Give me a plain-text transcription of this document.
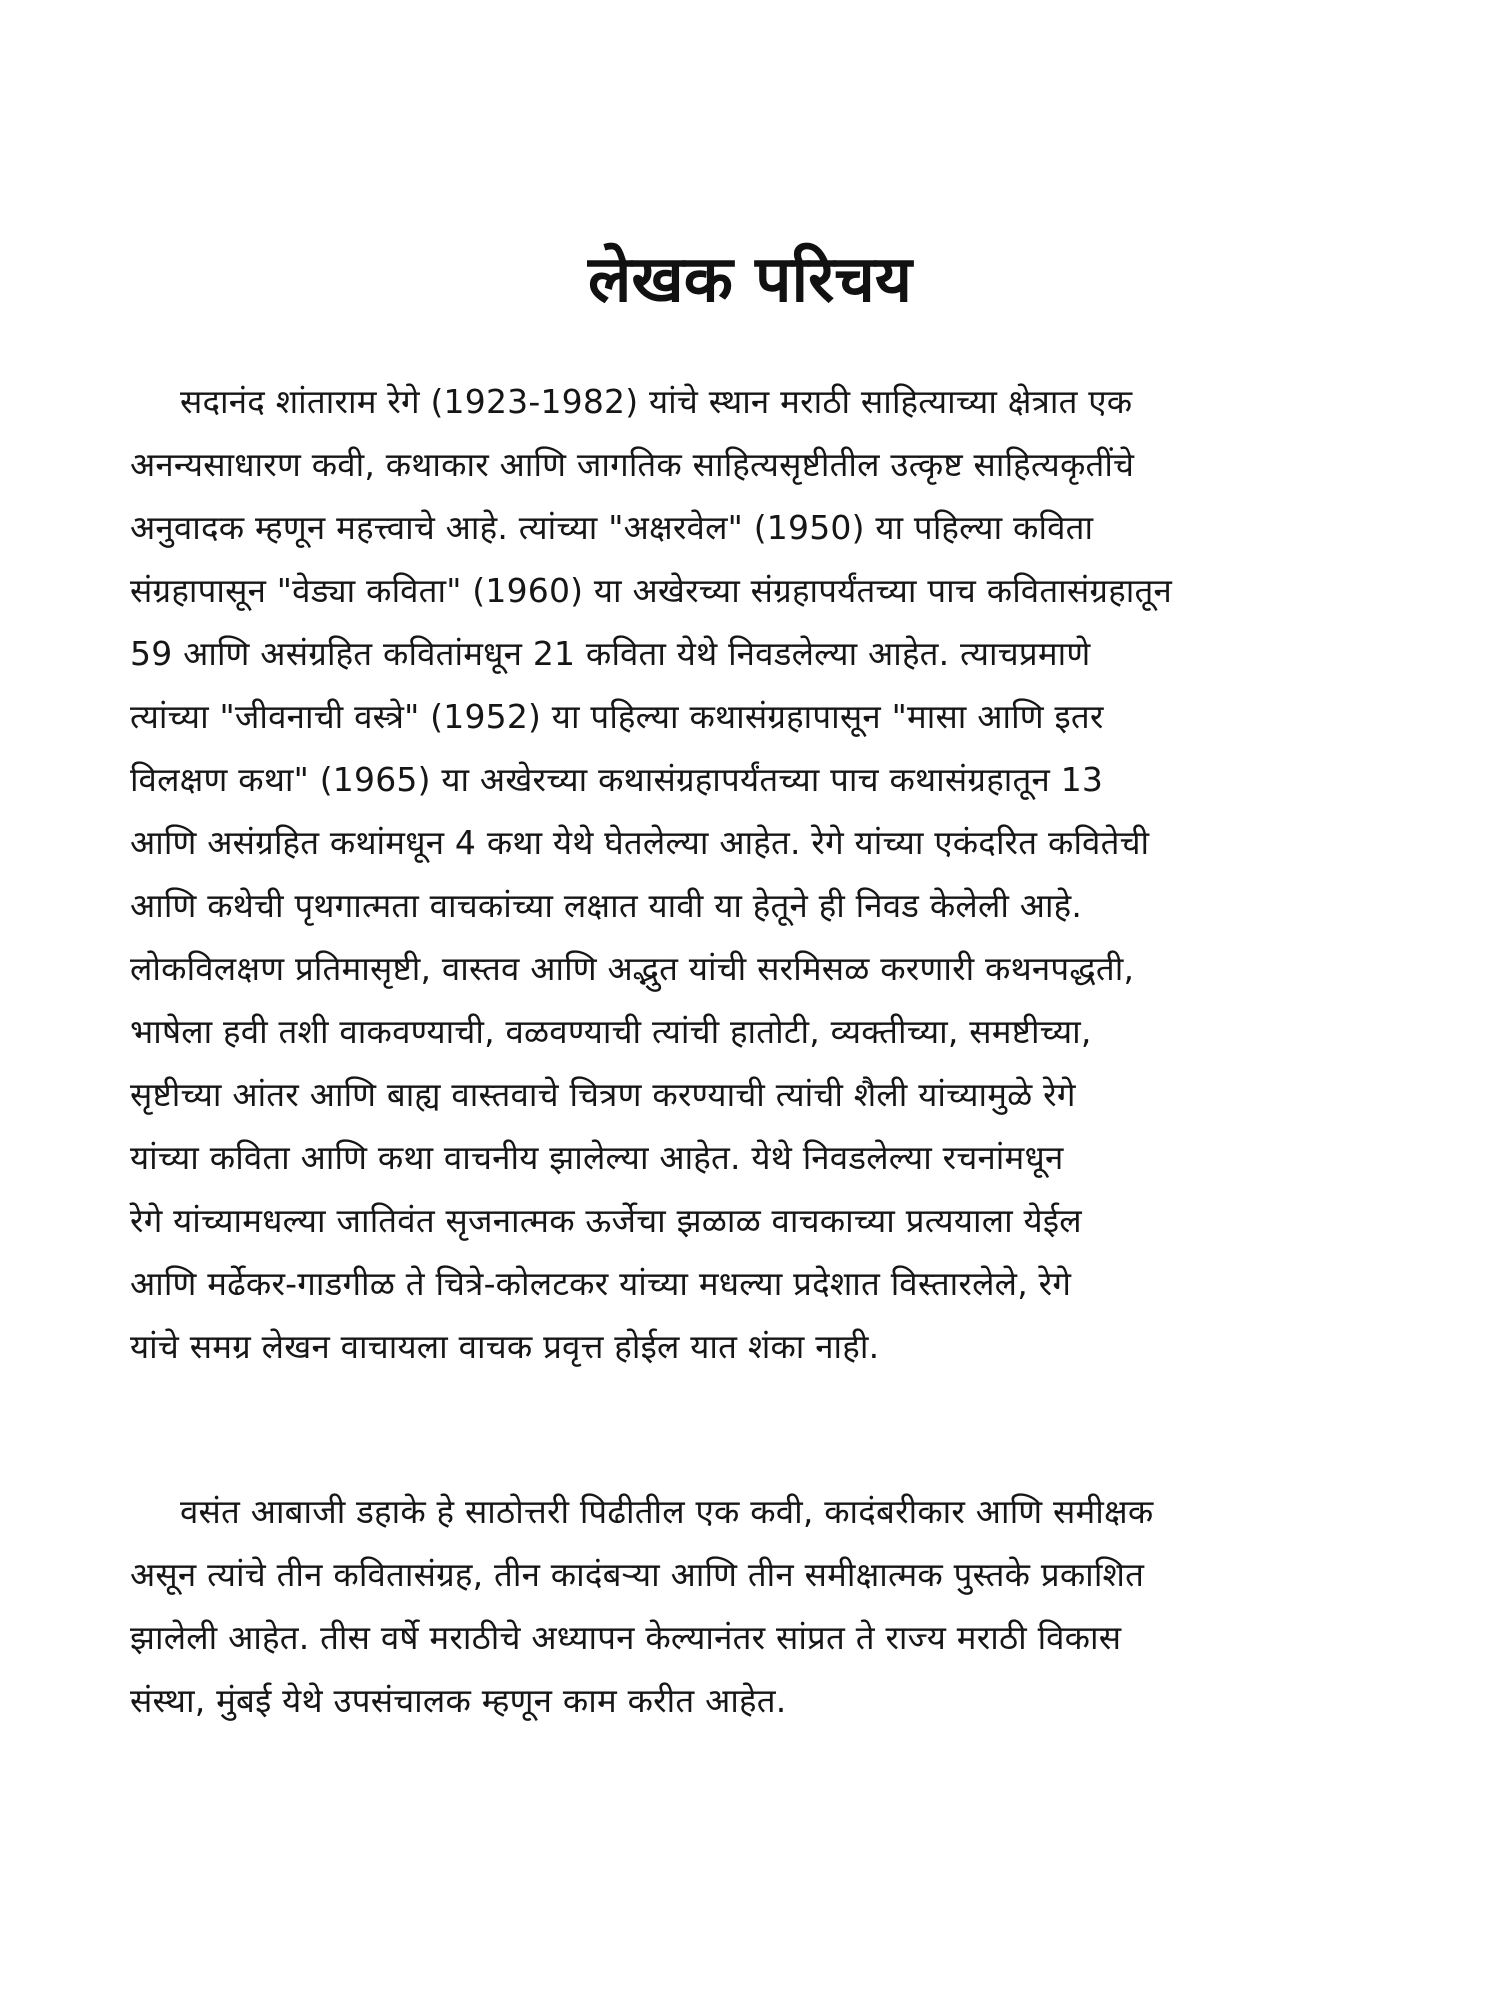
लेखक परिचय
सदानंद शांताराम रेगे (1923-1982) यांचे स्थान मराठी साहित्याच्या क्षेत्रात एक
अनन्यसाधारण कवी, कथाकार आणि जागतिक साहित्यसृष्टीतील उत्कृष्ट साहित्यकृतींचे
अनुवादक म्हणून महत्त्वाचे आहे. त्यांच्या "अक्षरवेल" (1950) या पहिल्या कविता
संग्रहापासून "वेड्या कविता" (1960) या अखेरच्या संग्रहापर्यंतच्या पाच कवितासंग्रहातून
59 आणि असंग्रहित कवितांमधून 21 कविता येथे निवडलेल्या आहेत. त्याचप्रमाणे
त्यांच्या "जीवनाची वस्त्रे" (1952) या पहिल्या कथासंग्रहापासून "मासा आणि इतर
विलक्षण कथा" (1965) या अखेरच्या कथासंग्रहापर्यंतच्या पाच कथासंग्रहातून 13
आणि असंग्रहित कथांमधून 4 कथा येथे घेतलेल्या आहेत. रेगे यांच्या एकंदरित कवितेची
आणि कथेची पृथगात्मता वाचकांच्या लक्षात यावी या हेतूने ही निवड केलेली आहे.
लोकविलक्षण प्रतिमासृष्टी, वास्तव आणि अद्भुत यांची सरमिसळ करणारी कथनपद्धती,
भाषेला हवी तशी वाकवण्याची, वळवण्याची त्यांची हातोटी, व्यक्तीच्या, समष्टीच्या,
सृष्टीच्या आंतर आणि बाह्य वास्तवाचे चित्रण करण्याची त्यांची शैली यांच्यामुळे रेगे
यांच्या कविता आणि कथा वाचनीय झालेल्या आहेत. येथे निवडलेल्या रचनांमधून
रेगे यांच्यामधल्या जातिवंत सृजनात्मक ऊर्जेचा झळाळ वाचकाच्या प्रत्ययाला येईल
आणि मर्ढेकर-गाडगीळ ते चित्रे-कोलटकर यांच्या मधल्या प्रदेशात विस्तारलेले, रेगे
यांचे समग्र लेखन वाचायला वाचक प्रवृत्त होईल यात शंका नाही.
वसंत आबाजी डहाके हे साठोत्तरी पिढीतील एक कवी, कादंबरीकार आणि समीक्षक
असून त्यांचे तीन कवितासंग्रह, तीन कादंबऱ्या आणि तीन समीक्षात्मक पुस्तके प्रकाशित
झालेली आहेत. तीस वर्षे मराठीचे अध्यापन केल्यानंतर सांप्रत ते राज्य मराठी विकास
संस्था, मुंबई येथे उपसंचालक म्हणून काम करीत आहेत.
